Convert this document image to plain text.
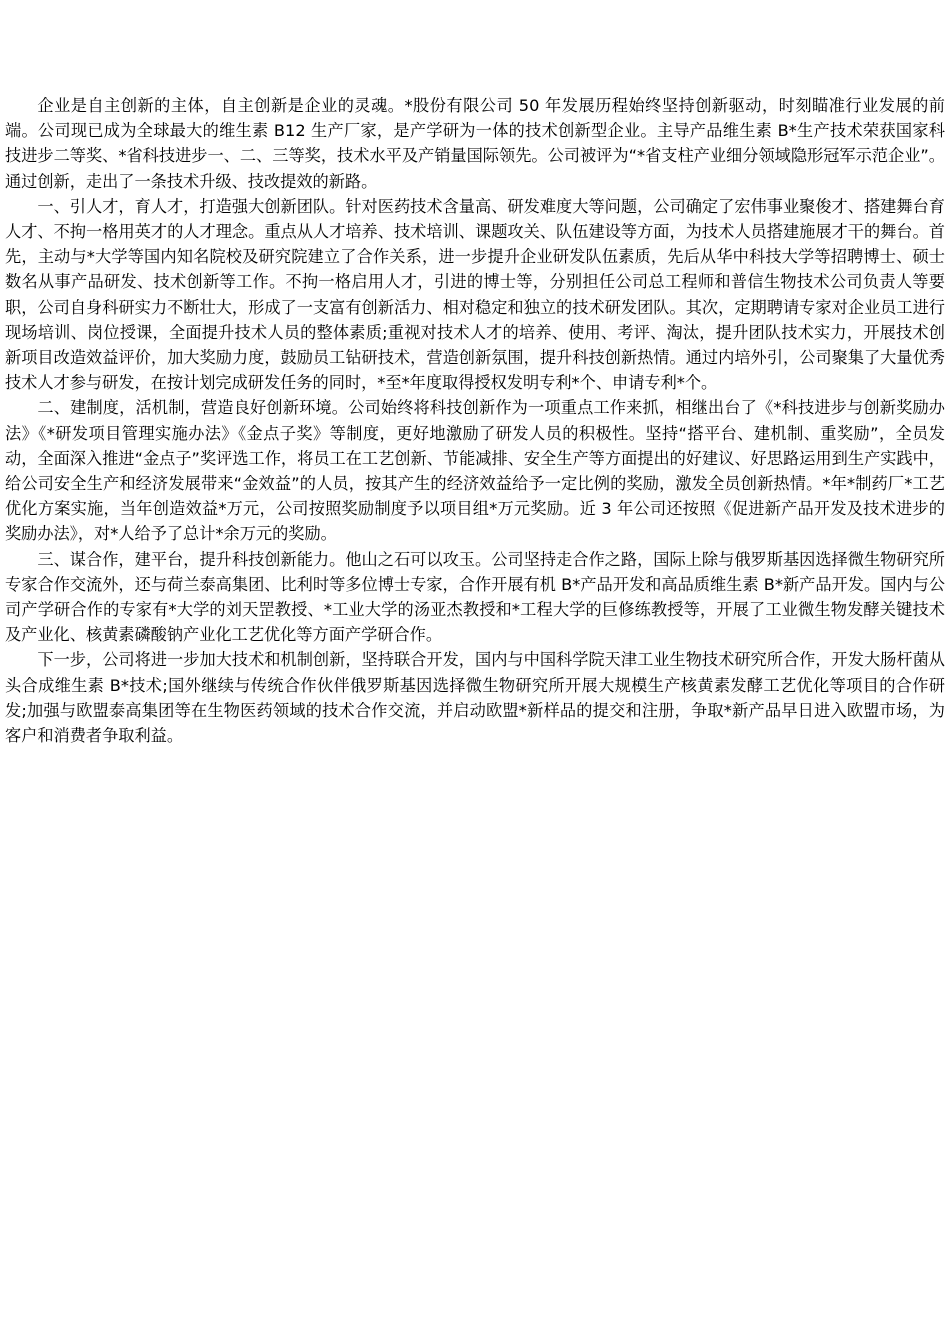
企业是自主创新的主体，自主创新是企业的灵魂。*股份有限公司 50 年发展历程始终坚持创新驱动，时刻瞄准行业发展的前端。公司现已成为全球最大的维生素 B12 生产厂家，是产学研为一体的技术创新型企业。主导产品维生素 B*生产技术荣获国家科技进步二等奖、*省科技进步一、二、三等奖，技术水平及产销量国际领先。公司被评为“*省支柱产业细分领域隐形冠军示范企业”。通过创新，走出了一条技术升级、技改提效的新路。

一、引人才，育人才，打造强大创新团队。针对医药技术含量高、研发难度大等问题，公司确定了宏伟事业聚俊才、搭建舞台育人才、不拘一格用英才的人才理念。重点从人才培养、技术培训、课题攻关、队伍建设等方面，为技术人员搭建施展才干的舞台。首先，主动与*大学等国内知名院校及研究院建立了合作关系，进一步提升企业研发队伍素质，先后从华中科技大学等招聘博士、硕士数名从事产品研发、技术创新等工作。不拘一格启用人才，引进的博士等，分别担任公司总工程师和普信生物技术公司负责人等要职，公司自身科研实力不断壮大，形成了一支富有创新活力、相对稳定和独立的技术研发团队。其次，定期聘请专家对企业员工进行现场培训、岗位授课，全面提升技术人员的整体素质;重视对技术人才的培养、使用、考评、淘汰，提升团队技术实力，开展技术创新项目改造效益评价，加大奖励力度，鼓励员工钻研技术，营造创新氛围，提升科技创新热情。通过内培外引，公司聚集了大量优秀技术人才参与研发，在按计划完成研发任务的同时，*至*年度取得授权发明专利*个、申请专利*个。

二、建制度，活机制，营造良好创新环境。公司始终将科技创新作为一项重点工作来抓，相继出台了《*科技进步与创新奖励办法》《*研发项目管理实施办法》《金点子奖》等制度，更好地激励了研发人员的积极性。坚持“搭平台、建机制、重奖励”，全员发动，全面深入推进“金点子”奖评选工作，将员工在工艺创新、节能减排、安全生产等方面提出的好建议、好思路运用到生产实践中，给公司安全生产和经济发展带来“金效益”的人员，按其产生的经济效益给予一定比例的奖励，激发全员创新热情。*年*制药厂*工艺优化方案实施，当年创造效益*万元，公司按照奖励制度予以项目组*万元奖励。近 3 年公司还按照《促进新产品开发及技术进步的奖励办法》，对*人给予了总计*余万元的奖励。

三、谋合作，建平台，提升科技创新能力。他山之石可以攻玉。公司坚持走合作之路，国际上除与俄罗斯基因选择微生物研究所专家合作交流外，还与荷兰泰高集团、比利时等多位博士专家，合作开展有机 B*产品开发和高品质维生素 B*新产品开发。国内与公司产学研合作的专家有*大学的刘天罡教授、*工业大学的汤亚杰教授和*工程大学的巨修练教授等，开展了工业微生物发酵关键技术及产业化、核黄素磷酸钠产业化工艺优化等方面产学研合作。

下一步，公司将进一步加大技术和机制创新，坚持联合开发，国内与中国科学院天津工业生物技术研究所合作，开发大肠杆菌从头合成维生素 B*技术;国外继续与传统合作伙伴俄罗斯基因选择微生物研究所开展大规模生产核黄素发酵工艺优化等项目的合作研发;加强与欧盟泰高集团等在生物医药领域的技术合作交流，并启动欧盟*新样品的提交和注册，争取*新产品早日进入欧盟市场，为客户和消费者争取利益。
